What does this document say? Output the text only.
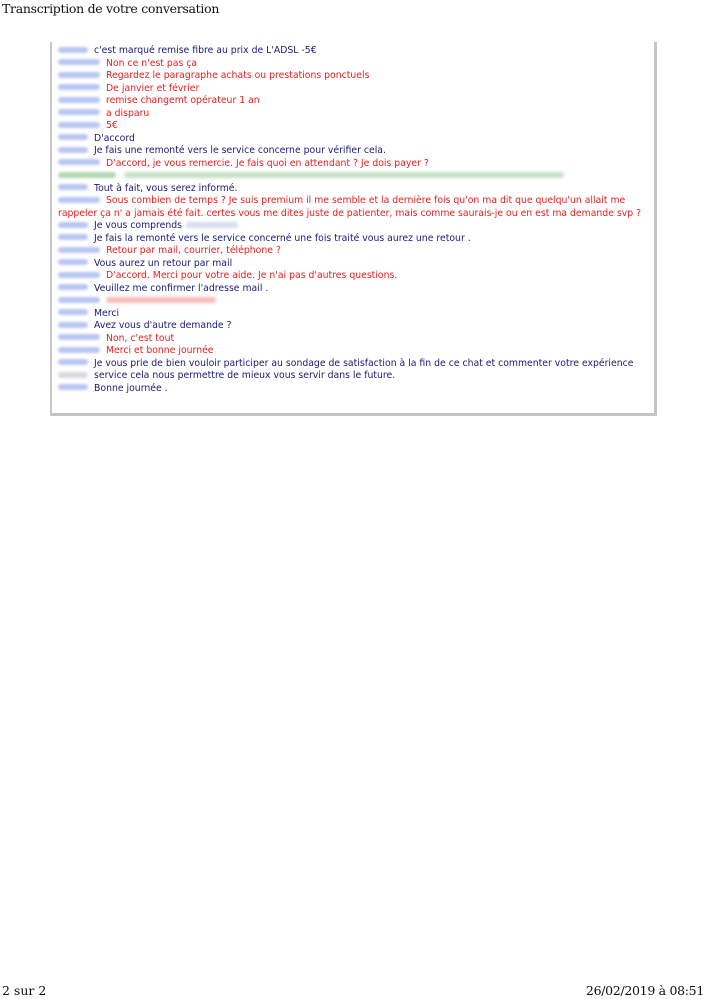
Transcription de votre conversation
c'est marqué remise fibre au prix de L'ADSL -5€
Non ce n'est pas ça
Regardez le paragraphe achats ou prestations ponctuels
De janvier et février
remise changemt opérateur 1 an
a disparu
5€
D'accord
Je fais une remonté vers le service concerne pour vérifier cela.
D'accord, je vous remercie. Je fais quoi en attendant ? Je dois payer ?
Tout à fait, vous serez informé.
Sous combien de temps ? Je suis premium il me semble et la dernière fois qu'on ma dit que quelqu'un allait me rappeler ça n' a jamais été fait. certes vous me dites juste de patienter, mais comme saurais-je ou en est ma demande svp ?
Je vous comprends
Je fais la remonté vers le service concerné une fois traité vous aurez une retour .
Retour par mail, courrier, téléphone ?
Vous aurez un retour par mail
D'accord. Merci pour votre aide. Je n'ai pas d'autres questions.
Veuillez me confirmer l'adresse mail .
Merci
Avez vous d'autre demande ?
Non, c'est tout
Merci et bonne journée
Je vous prie de bien vouloir participer au sondage de satisfaction à la fin de ce chat et commenter votre expérience
service cela nous permettre de mieux vous servir dans le future.
Bonne journée .
2 sur 2	26/02/2019 à 08:51
